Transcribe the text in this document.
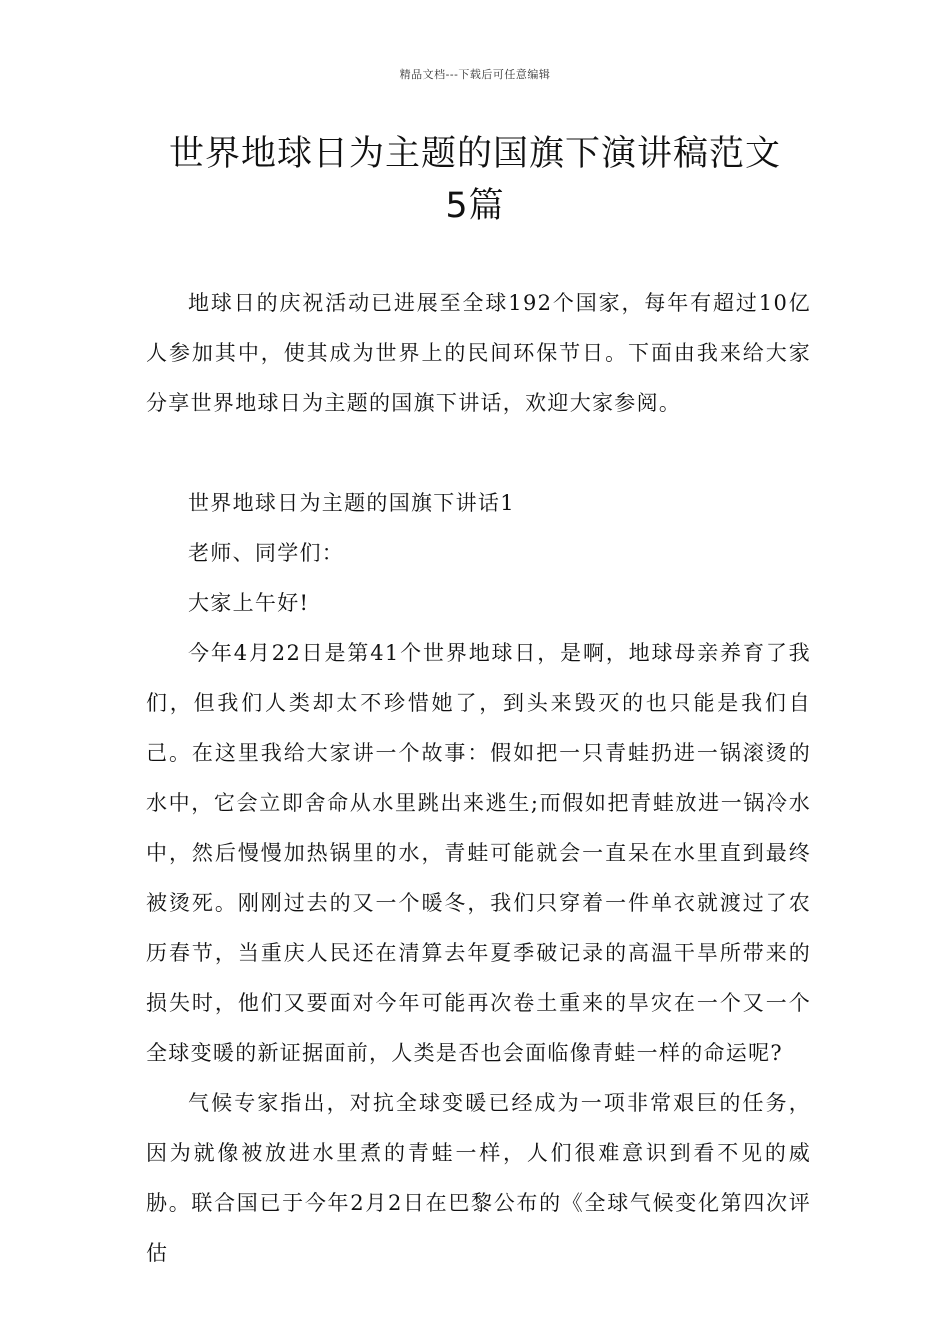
精品文档---下载后可任意编辑
世界地球日为主题的国旗下演讲稿范文
5篇

地球日的庆祝活动已进展至全球192个国家，每年有超过10亿人参加其中，使其成为世界上的民间环保节日。下面由我来给大家分享世界地球日为主题的国旗下讲话，欢迎大家参阅。

世界地球日为主题的国旗下讲话1

老师、同学们：

大家上午好!

今年4月22日是第41个世界地球日，是啊，地球母亲养育了我们，但我们人类却太不珍惜她了，到头来毁灭的也只能是我们自己。在这里我给大家讲一个故事：假如把一只青蛙扔进一锅滚烫的水中，它会立即舍命从水里跳出来逃生;而假如把青蛙放进一锅冷水中，然后慢慢加热锅里的水，青蛙可能就会一直呆在水里直到最终被烫死。刚刚过去的又一个暖冬，我们只穿着一件单衣就渡过了农历春节，当重庆人民还在清算去年夏季破记录的高温干旱所带来的损失时，他们又要面对今年可能再次卷土重来的旱灾在一个又一个全球变暖的新证据面前，人类是否也会面临像青蛙一样的命运呢?

气候专家指出，对抗全球变暖已经成为一项非常艰巨的任务，因为就像被放进水里煮的青蛙一样，人们很难意识到看不见的威胁。联合国已于今年2月2日在巴黎公布的《全球气候变化第四次评估
